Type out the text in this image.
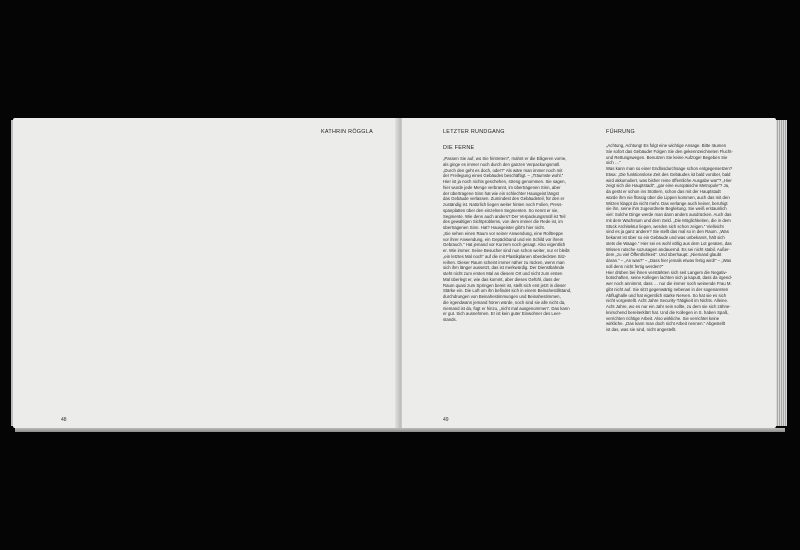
KATHRIN RÖGGLA
48
LETZTER RUNDGANG
DIE FERNE
FÜHRUNG
„Passen Sie auf, wo Sie hintreten!“, mahnt er die Eiligeren vorne,
als ginge es immer noch durch den ganzen Verpackungsmüll.
„Durch den geht es doch, oder?“ Als wäre man immer noch mit
der Freilegung eines Gebäudes beschäftigt. – „Träumste wohl.“
Hier ist ja noch nichts geschehen, streng genommen. Sie sagen,
hier wurde jede Menge verbrannt, im übertragenen Sinn, aber
der übertragene Sinn hat wie ein schlechter Hausgeist längst
das Gebäude verlassen. Zumindest den Gebäudeteil, für den er
zuständig ist. Natürlich liegen weiter hinten noch Folien, Press-
spanplatten über den einzelnen Segmenten. So nennt er sie,
Segmente. Wie denn auch anders? Der Verpackungsmüll ist Teil
des gewaltigen Sichtproblems, von dem immer die Rede ist, im
übertragenen Sinn. Hat? Hausgeister gibt’s hier nicht.
„Sie sehen einen Raum vor seiner Anwendung, eine Rolltreppe
vor ihrer Anwendung, ein Gepäckband und ein Schild vor ihrem
Gebrauch.“ Hat jemand vor Kurzem noch gesagt. Also eigentlich
er. Wie immer. Seine Besucher sind nun schon weiter, nur er bleibt
„ein letztes Mal noch“ auf die mit Plastikplanen überdeckten Sitz-
reihen. Dieser Raum scheint immer näher zu rücken, wenn man
sich ihm länger aussetzt, das ist merkwürdig. Der Dienstbahnde
steht nicht zum ersten Mal an diesem Ort und nicht zum ersten
Mal überlegt er, wie das kommt, aber dieses Gefühl, dass der
Raum quasi zum Springen bereit ist, stellt sich erst jetzt in dieser
Stärke ein. Die Luft um ihn befindet sich in einem Beinahestillstand,
durchdrungen von Beinahestimmungen und Beinahestimmen,
die irgendwann jemand hören würde, noch sind sie alle nicht da,
niemand ist da, fügt er hinzu, „nicht mal ausgenommen“. Das kann
er gut. Sich ausnehmen. Er ist kein guter Einwohner des Leer-
stands.
„Achtung, Achtung! Es folgt eine wichtige Ansage. Bitte räumen
Sie sofort das Gebäude! Folgen Sie den gekennzeichneten Flucht-
und Rettungswegen. Benutzen Sie keine Aufzüge! Begeben Sie
sich …“
Was kann man so einer Endlosdurchsage schon entgegensetzen?
Etwa: „Die funktionslose Zeit des Gebäudes ist bald vorüber, bald
wird akkumuliert, was bisher reine öffentliche Ausgabe war“? „Hier
zeigt sich die Hauptstadt“, „gar eine europäische Metropole“? Ja,
da gerät er schon ins Stottern, schon das mit der Hauptstadt
würde ihm nie flüssig über die Lippen kommen, auch das mit den
Witzen klappt da nicht mehr. Das verlange auch keiner, beruhigt
sie ihn, seine ihm zugeordnete Begleitung. Sie weiß erstaunlich
viel: Solche Dinge werde man dann anders ausdrücken. Auch das
mit dem Wachstum und dem Geld. „Die Möglichkeiten, die in dem
Stück Architektur liegen, werden sich schon zeigen.“ Vielleicht
sind es ja ganz andere? Sie stellt das mal so in den Raum. „Was
bekannt ist über so ein Gebäude und was unbekannt, hält sich
stets die Waage.“ Hier sei es wohl völlig aus dem Lot geraten, das
Wissen rutsche sozusagen andauernd. Es sei nicht stabil. Außer-
dem „zu viel Öffentlichkeit“. Und überhaupt: „Niemand glaubt
daran.“ – „An was?“ – „Dass hier jemals etwas fertig wird!“ – „Was
soll denn nicht fertig werden?“
Hier drüben bei ihnen verstärkten sich seit Langem die Negativ-
botschaften, seine Kollegen lachten sich ja kaputt, dass da irgend-
wer noch annimmt, dass … nur die immer noch weinende Frau M.
gibt nicht auf. Sie sitzt gegenwärtig nebenan in der sogenannten
Abflughalle und hat eigentlich starke Nerven. So hat sie es sich
nicht vorgestellt. Acht Jahre Security-Tätigkeit im Nichts. Alleine.
Acht Jahre, wo es nur ein Jahr sein sollte, zu dem sie sich zähne-
knirschend bereiterklärt hat. Und die Kollegen in S. haben Spaß,
verrichten richtige Arbeit. Also wirkliche. Sie verrichtet keine
wirkliche. „Das kann man doch nicht Arbeit nennen.“ Abgestellt
ist das, was sie sind, nicht angestellt.
49
